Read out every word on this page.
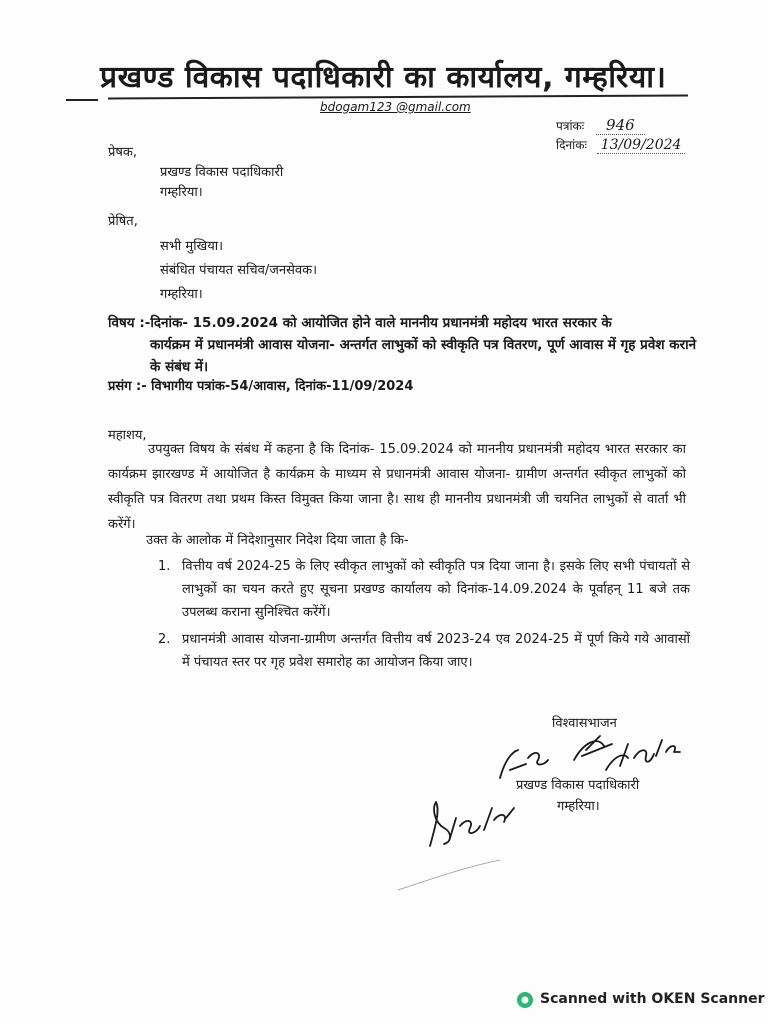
प्रखण्ड विकास पदाधिकारी का कार्यालय, गम्हरिया।
bdogam123 @gmail.com
पत्रांकः 946
दिनांकः 13/09/2024
प्रेषक,
प्रखण्ड विकास पदाधिकारी
गम्हरिया।
प्रेषित,
सभी मुखिया।
संबंधित पंचायत सचिव/जनसेवक।
गम्हरिया।
विषय :-दिनांक- 15.09.2024 को आयोजित होने वाले माननीय प्रधानमंत्री महोदय भारत सरकार के
कार्यक्रम में प्रधानमंत्री आवास योजना- अन्तर्गत लाभुकों को स्वीकृति पत्र वितरण, पूर्ण आवास में गृह प्रवेश कराने के संबंध में।
प्रसंग :- विभागीय पत्रांक-54/आवास, दिनांक-11/09/2024
महाशय,
उपयुक्त विषय के संबंध में कहना है कि दिनांक- 15.09.2024 को माननीय प्रधानमंत्री महोदय भारत सरकार का कार्यक्रम झारखण्ड में आयोजित है कार्यक्रम के माध्यम से प्रधानमंत्री आवास योजना- ग्रामीण अन्तर्गत स्वीकृत लाभुकों को स्वीकृति पत्र वितरण तथा प्रथम किस्त विमुक्त किया जाना है। साथ ही माननीय प्रधानमंत्री जी चयनित लाभुकों से वार्ता भी करेंगें।
उक्त के आलोक में निदेशानुसार निदेश दिया जाता है कि-
1. वित्तीय वर्ष 2024-25 के लिए स्वीकृत लाभुकों को स्वीकृति पत्र दिया जाना है। इसके लिए सभी पंचायतों से लाभुकों का चयन करते हुए सूचना प्रखण्ड कार्यालय को दिनांक-14.09.2024 के पूर्वाहन् 11 बजे तक उपलब्ध कराना सुनिश्चित करेंगें।
2. प्रधानमंत्री आवास योजना-ग्रामीण अन्तर्गत वित्तीय वर्ष 2023-24 एव 2024-25 में पूर्ण किये गये आवासों में पंचायत स्तर पर गृह प्रवेश समारोह का आयोजन किया जाए।
विश्वासभाजन
प्रखण्ड विकास पदाधिकारी
गम्हरिया।
Scanned with OKEN Scanner
